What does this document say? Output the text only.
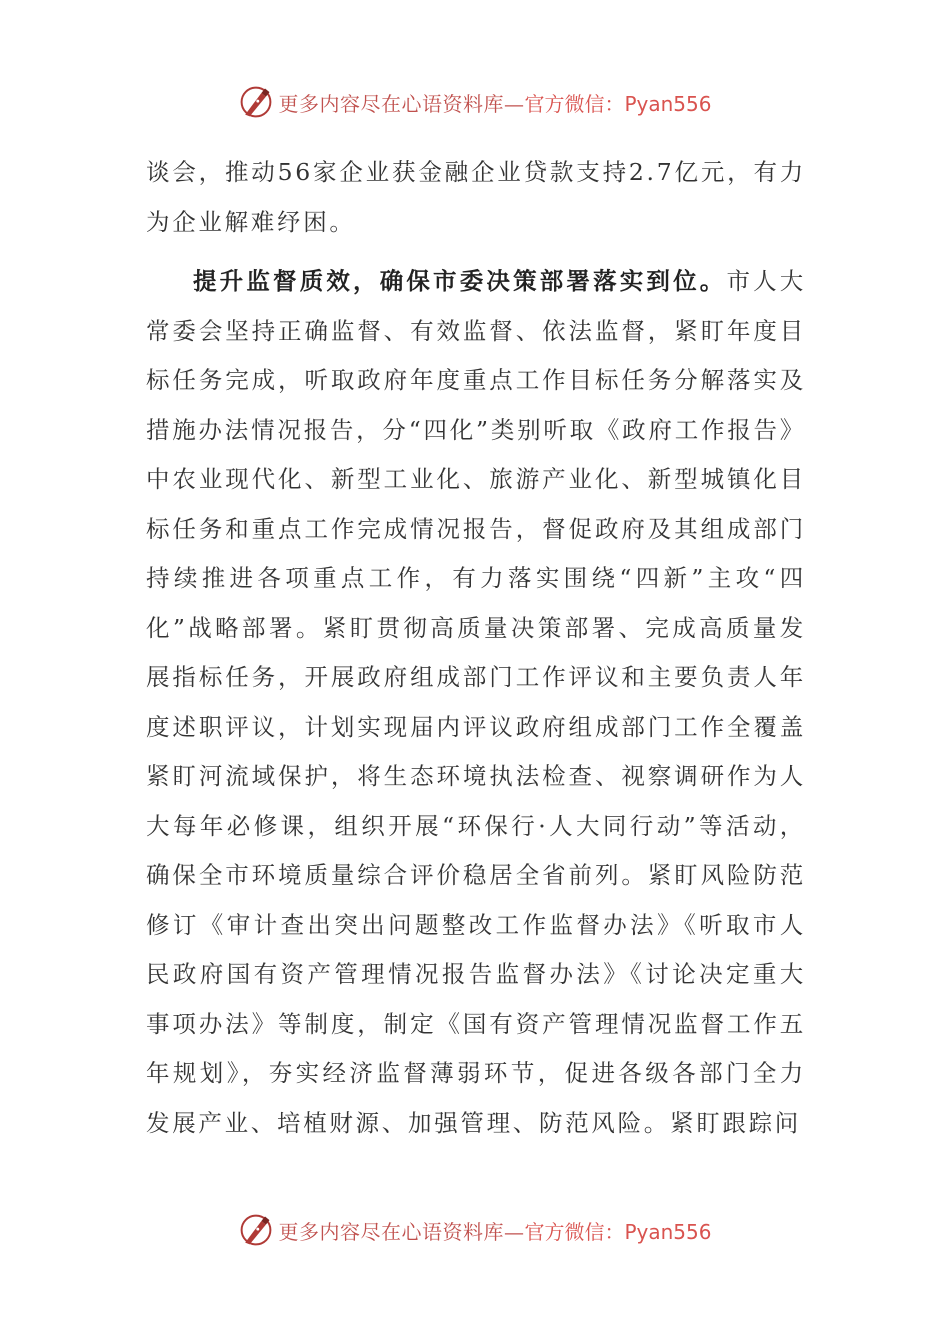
更多内容尽在心语资料库— 官方微信：Pyan556

谈会，推动56家企业获金融企业贷款支持2.7亿元，有力为企业解难纾困。

提升监督质效，确保市委决策部署落实到位。市人大常委会坚持正确监督、有效监督、依法监督，紧盯年度目标任务完成，听取政府年度重点工作目标任务分解落实及措施办法情况报告，分“四化”类别听取《政府工作报告》中农业现代化、新型工业化、旅游产业化、新型城镇化目标任务和重点工作完成情况报告，督促政府及其组成部门持续推进各项重点工作，有力落实围绕“四新”主攻“四化”战略部署。紧盯贯彻高质量决策部署、完成高质量发展指标任务，开展政府组成部门工作评议和主要负责人年度述职评议，计划实现届内评议政府组成部门工作全覆盖紧盯河流域保护，将生态环境执法检查、视察调研作为人大每年必修课，组织开展“环保行·人大同行动”等活动，确保全市环境质量综合评价稳居全省前列。紧盯风险防范修订《审计查出突出问题整改工作监督办法》《听取市人民政府国有资产管理情况报告监督办法》《讨论决定重大事项办法》等制度，制定《国有资产管理情况监督工作五年规划》，夯实经济监督薄弱环节，促进各级各部门全力发展产业、培植财源、加强管理、防范风险。紧盯跟踪问

更多内容尽在心语资料库— 官方微信：Pyan556
